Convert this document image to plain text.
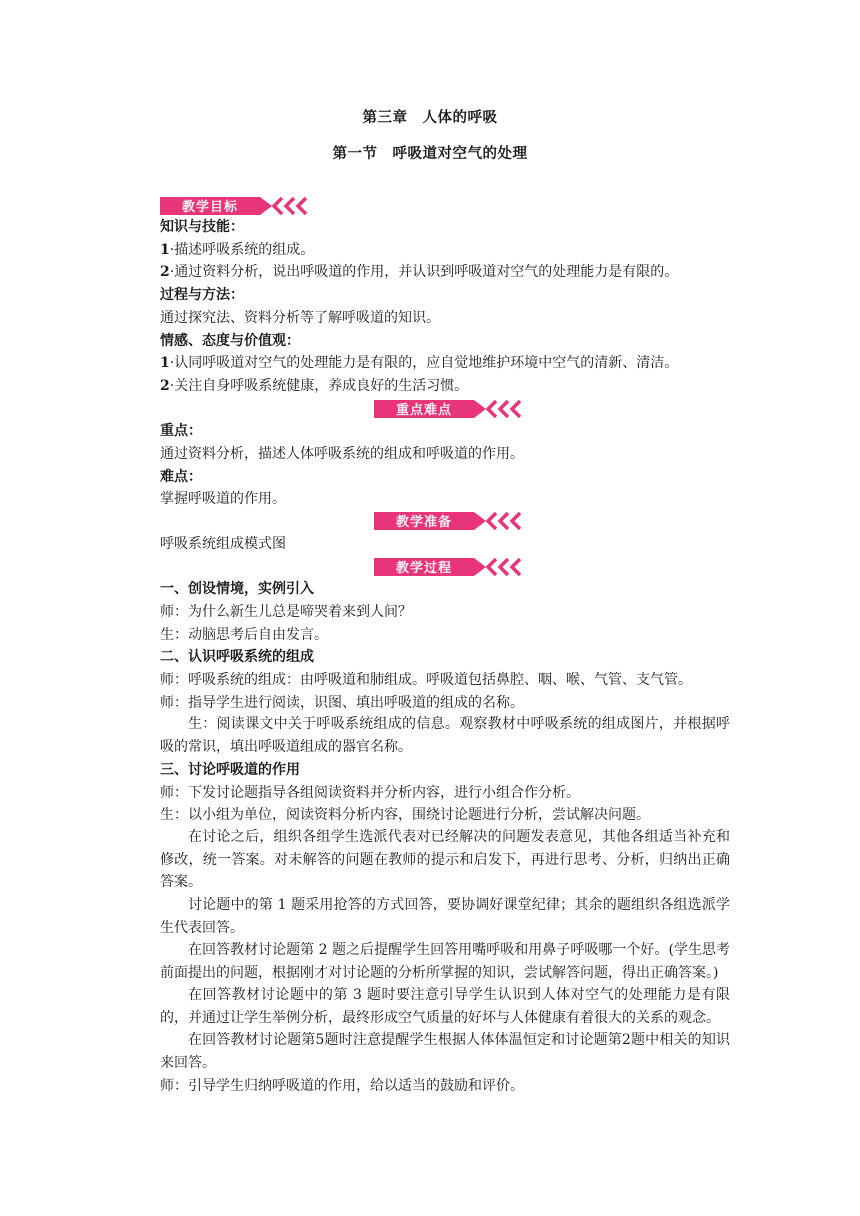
第三章　人体的呼吸
第一节　呼吸道对空气的处理
教学目标
知识与技能：
1·描述呼吸系统的组成。
2·通过资料分析，说出呼吸道的作用，并认识到呼吸道对空气的处理能力是有限的。
过程与方法：
通过探究法、资料分析等了解呼吸道的知识。
情感、态度与价值观：
1·认同呼吸道对空气的处理能力是有限的，应自觉地维护环境中空气的清新、清洁。
2·关注自身呼吸系统健康，养成良好的生活习惯。
重点难点
重点：
通过资料分析，描述人体呼吸系统的组成和呼吸道的作用。
难点：
掌握呼吸道的作用。
教学准备
呼吸系统组成模式图
教学过程
一、创设情境，实例引入
师：为什么新生儿总是啼哭着来到人间？
生：动脑思考后自由发言。
二、认识呼吸系统的组成
师：呼吸系统的组成：由呼吸道和肺组成。呼吸道包括鼻腔、咽、喉、气管、支气管。
师：指导学生进行阅读，识图、填出呼吸道的组成的名称。
生：阅读课文中关于呼吸系统组成的信息。观察教材中呼吸系统的组成图片，并根据呼吸的常识，填出呼吸道组成的器官名称。
三、讨论呼吸道的作用
师：下发讨论题指导各组阅读资料并分析内容，进行小组合作分析。
生：以小组为单位，阅读资料分析内容，围绕讨论题进行分析，尝试解决问题。
在讨论之后，组织各组学生选派代表对已经解决的问题发表意见，其他各组适当补充和修改，统一答案。对未解答的问题在教师的提示和启发下，再进行思考、分析，归纳出正确答案。
讨论题中的第 1 题采用抢答的方式回答，要协调好课堂纪律；其余的题组织各组选派学生代表回答。
在回答教材讨论题第 2 题之后提醒学生回答用嘴呼吸和用鼻子呼吸哪一个好。(学生思考前面提出的问题，根据刚才对讨论题的分析所掌握的知识，尝试解答问题，得出正确答案。)
在回答教材讨论题中的第 3 题时要注意引导学生认识到人体对空气的处理能力是有限的，并通过让学生举例分析，最终形成空气质量的好坏与人体健康有着很大的关系的观念。
在回答教材讨论题第5题时注意提醒学生根据人体体温恒定和讨论题第2题中相关的知识来回答。
师：引导学生归纳呼吸道的作用，给以适当的鼓励和评价。
